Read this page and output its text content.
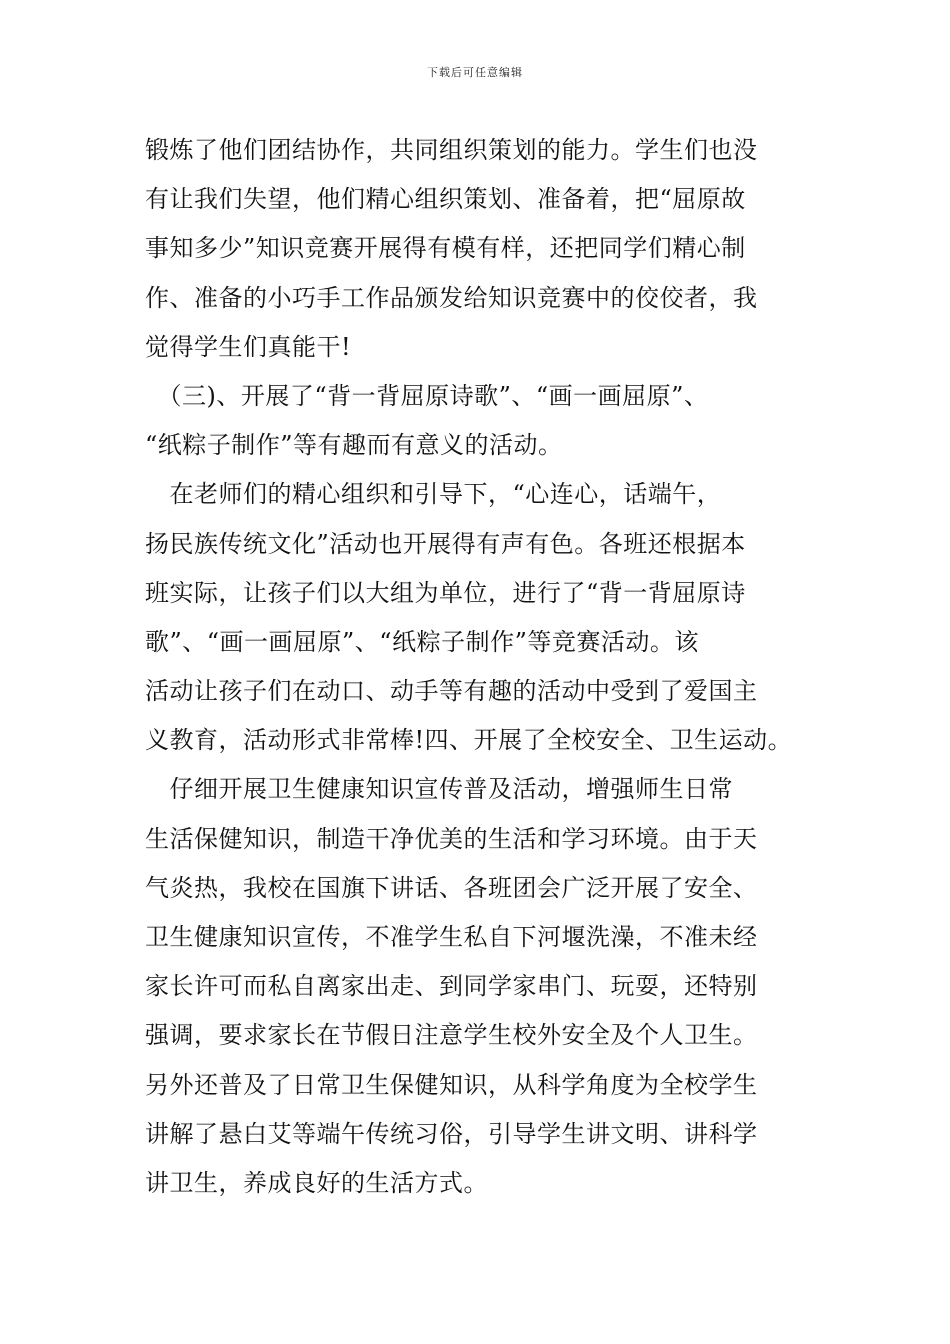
下载后可任意编辑
锻炼了他们团结协作，共同组织策划的能力。学生们也没
有让我们失望，他们精心组织策划、准备着，把“屈原故
事知多少”知识竞赛开展得有模有样，还把同学们精心制
作、准备的小巧手工作品颁发给知识竞赛中的佼佼者，我
觉得学生们真能干!
　（三)、开展了“背一背屈原诗歌”、“画一画屈原”、
“纸粽子制作”等有趣而有意义的活动。
　在老师们的精心组织和引导下，“心连心，话端午，
扬民族传统文化”活动也开展得有声有色。各班还根据本
班实际，让孩子们以大组为单位，进行了“背一背屈原诗
歌”、“画一画屈原”、“纸粽子制作”等竞赛活动。该
活动让孩子们在动口、动手等有趣的活动中受到了爱国主
义教育，活动形式非常棒!四、开展了全校安全、卫生运动。
　仔细开展卫生健康知识宣传普及活动，增强师生日常
生活保健知识，制造干净优美的生活和学习环境。由于天
气炎热，我校在国旗下讲话、各班团会广泛开展了安全、
卫生健康知识宣传，不准学生私自下河堰洗澡，不准未经
家长许可而私自离家出走、到同学家串门、玩耍，还特别
强调，要求家长在节假日注意学生校外安全及个人卫生。
另外还普及了日常卫生保健知识，从科学角度为全校学生
讲解了悬白艾等端午传统习俗，引导学生讲文明、讲科学
讲卫生，养成良好的生活方式。
